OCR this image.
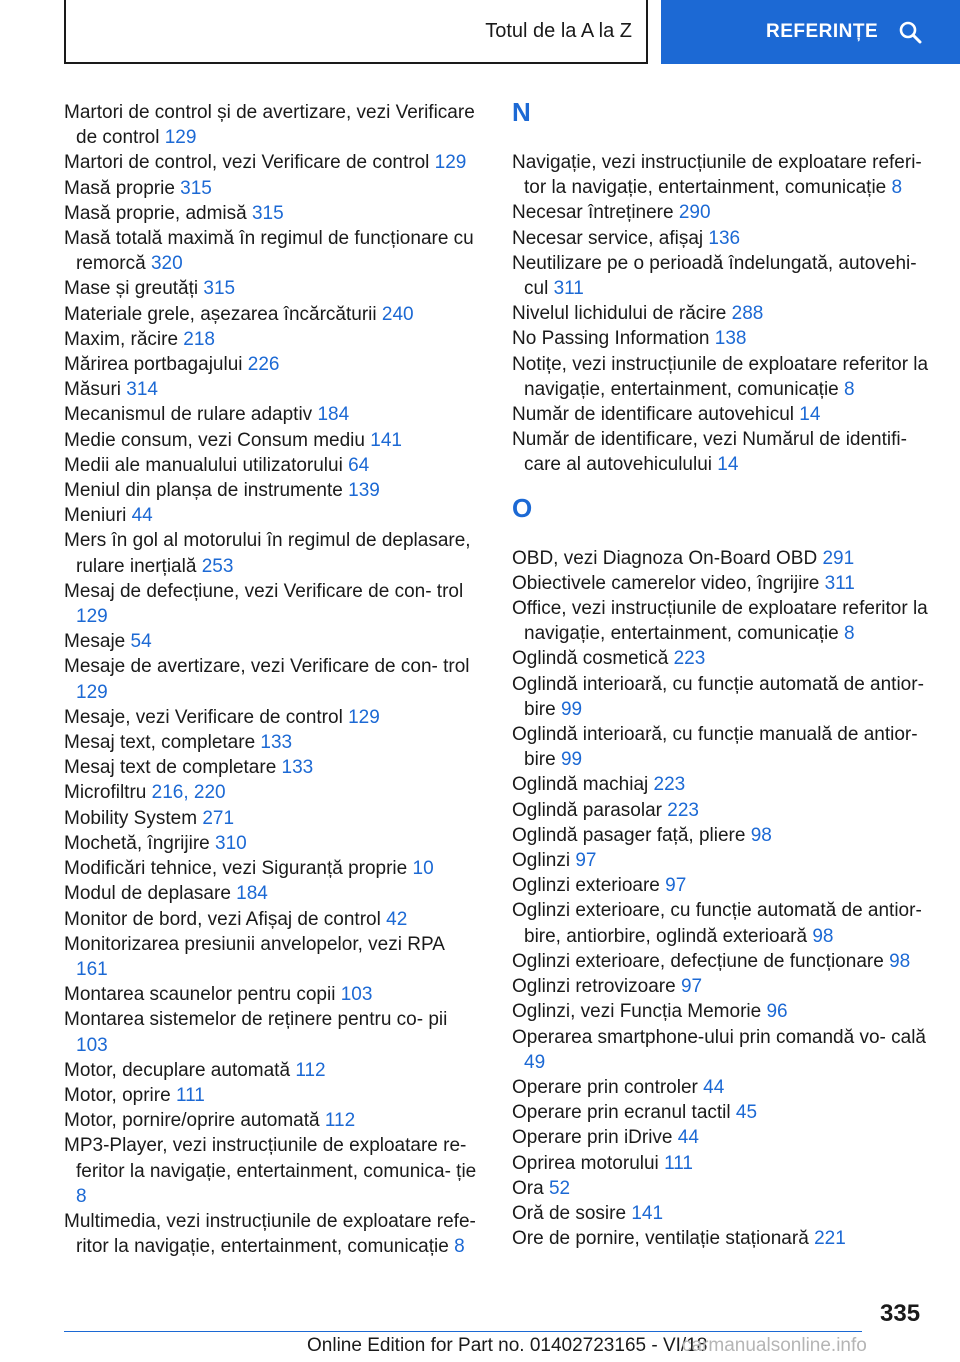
Totul de la A la Z	REFERINȚE
Martori de control și de avertizare, vezi Verificare de control 129
Martori de control, vezi Verificare de control 129
Masă proprie 315
Masă proprie, admisă 315
Masă totală maximă în regimul de funcționare cu remorcă 320
Mase și greutăți 315
Materiale grele, așezarea încărcăturii 240
Maxim, răcire 218
Mărirea portbagajului 226
Măsuri 314
Mecanismul de rulare adaptiv 184
Medie consum, vezi Consum mediu 141
Medii ale manualului utilizatorului 64
Meniul din planșa de instrumente 139
Meniuri 44
Mers în gol al motorului în regimul de deplasare, rulare inerțială 253
Mesaj de defecțiune, vezi Verificare de con- trol 129
Mesaje 54
Mesaje de avertizare, vezi Verificare de con- trol 129
Mesaje, vezi Verificare de control 129
Mesaj text, completare 133
Mesaj text de completare 133
Microfiltru 216, 220
Mobility System 271
Mochetă, îngrijire 310
Modificări tehnice, vezi Siguranță proprie 10
Modul de deplasare 184
Monitor de bord, vezi Afișaj de control 42
Monitorizarea presiunii anvelopelor, vezi RPA 161
Montarea scaunelor pentru copii 103
Montarea sistemelor de reținere pentru co- pii 103
Motor, decuplare automată 112
Motor, oprire 111
Motor, pornire/oprire automată 112
MP3-Player, vezi instrucțiunile de exploatare re- feritor la navigație, entertainment, comunica- ție 8
Multimedia, vezi instrucțiunile de exploatare refe- ritor la navigație, entertainment, comunicație 8
N
Navigație, vezi instrucțiunile de exploatare referi- tor la navigație, entertainment, comunicație 8
Necesar întreținere 290
Necesar service, afișaj 136
Neutilizare pe o perioadă îndelungată, autovehi- cul 311
Nivelul lichidului de răcire 288
No Passing Information 138
Notițe, vezi instrucțiunile de exploatare referitor la navigație, entertainment, comunicație 8
Număr de identificare autovehicul 14
Număr de identificare, vezi Numărul de identifi- care al autovehiculului 14
O
OBD, vezi Diagnoza On-Board OBD 291
Obiectivele camerelor video, îngrijire 311
Office, vezi instrucțiunile de exploatare referitor la navigație, entertainment, comunicație 8
Oglindă cosmetică 223
Oglindă interioară, cu funcție automată de antior- bire 99
Oglindă interioară, cu funcție manuală de antior- bire 99
Oglindă machiaj 223
Oglindă parasolar 223
Oglindă pasager față, pliere 98
Oglinzi 97
Oglinzi exterioare 97
Oglinzi exterioare, cu funcție automată de antior- bire, antiorbire, oglindă exterioară 98
Oglinzi exterioare, defecțiune de funcționare 98
Oglinzi retrovizoare 97
Oglinzi, vezi Funcția Memorie 96
Operarea smartphone-ului prin comandă vo- cală 49
Operare prin controler 44
Operare prin ecranul tactil 45
Operare prin iDrive 44
Oprirea motorului 111
Ora 52
Oră de sosire 141
Ore de pornire, ventilație staționară 221
335
Online Edition for Part no. 01402723165 - VI/18
carmanualsonline.info
